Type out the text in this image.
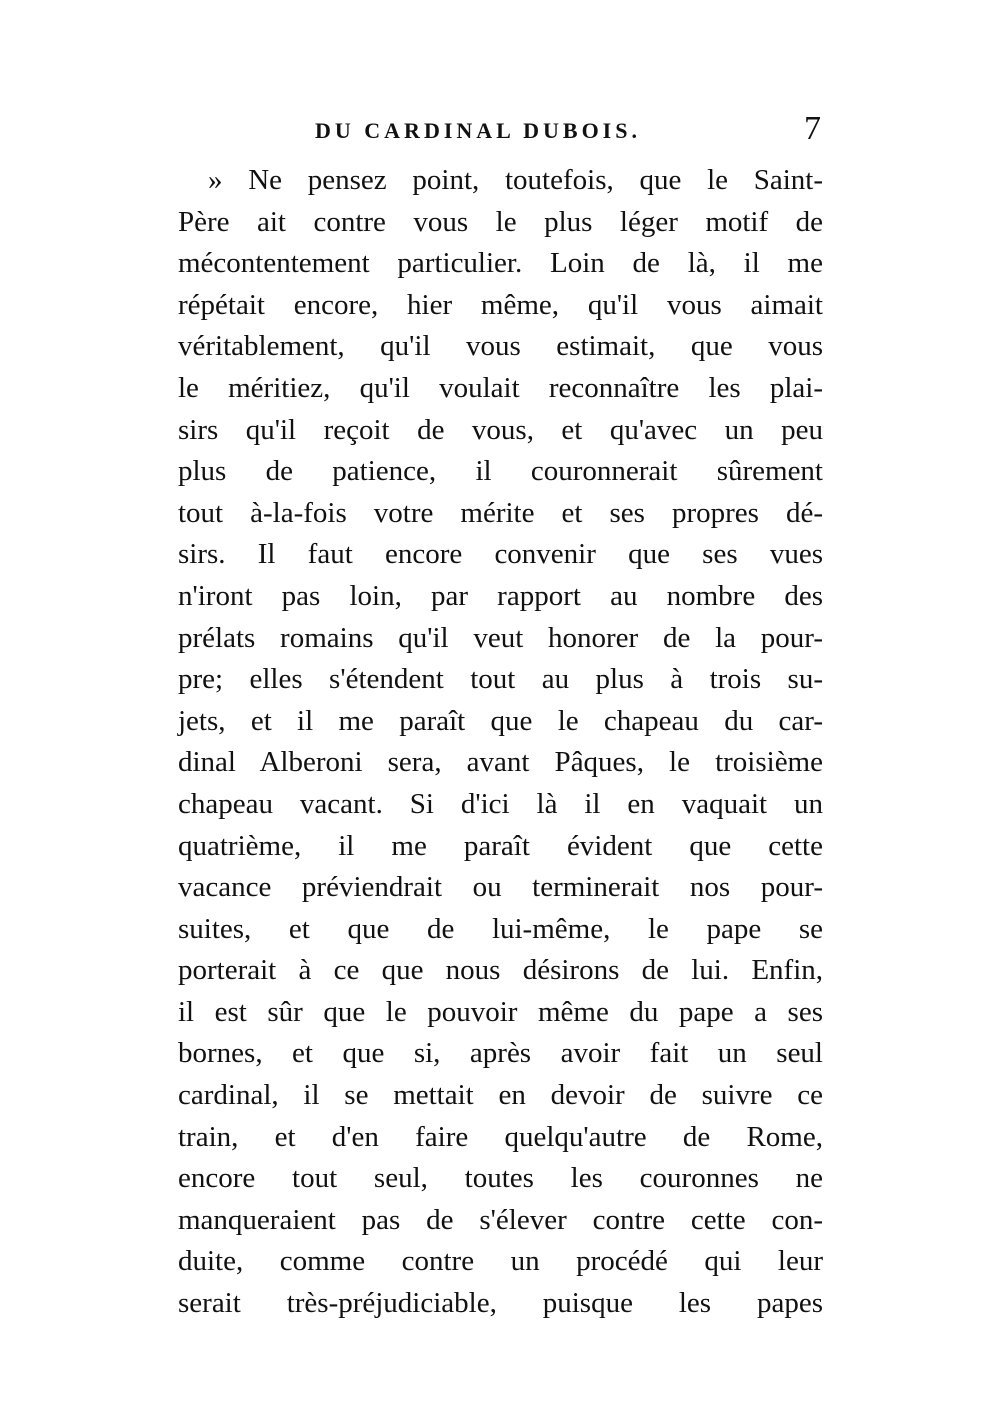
DU CARDINAL DUBOIS.	7
» Ne pensez point, toutefois, que le Saint-
Père ait contre vous le plus léger motif de
mécontentement particulier. Loin de là, il me
répétait encore, hier même, qu'il vous aimait
véritablement, qu'il vous estimait, que vous
le méritiez, qu'il voulait reconnaître les plai-
sirs qu'il reçoit de vous, et qu'avec un peu
plus de patience, il couronnerait sûrement
tout à-la-fois votre mérite et ses propres dé-
sirs. Il faut encore convenir que ses vues
n'iront pas loin, par rapport au nombre des
prélats romains qu'il veut honorer de la pour-
pre; elles s'étendent tout au plus à trois su-
jets, et il me paraît que le chapeau du car-
dinal Alberoni sera, avant Pâques, le troisième
chapeau vacant. Si d'ici là il en vaquait un
quatrième, il me paraît évident que cette
vacance préviendrait ou terminerait nos pour-
suites, et que de lui-même, le pape se
porterait à ce que nous désirons de lui. Enfin,
il est sûr que le pouvoir même du pape a ses
bornes, et que si, après avoir fait un seul
cardinal, il se mettait en devoir de suivre ce
train, et d'en faire quelqu'autre de Rome,
encore tout seul, toutes les couronnes ne
manqueraient pas de s'élever contre cette con-
duite, comme contre un procédé qui leur
serait très-préjudiciable, puisque les papes
